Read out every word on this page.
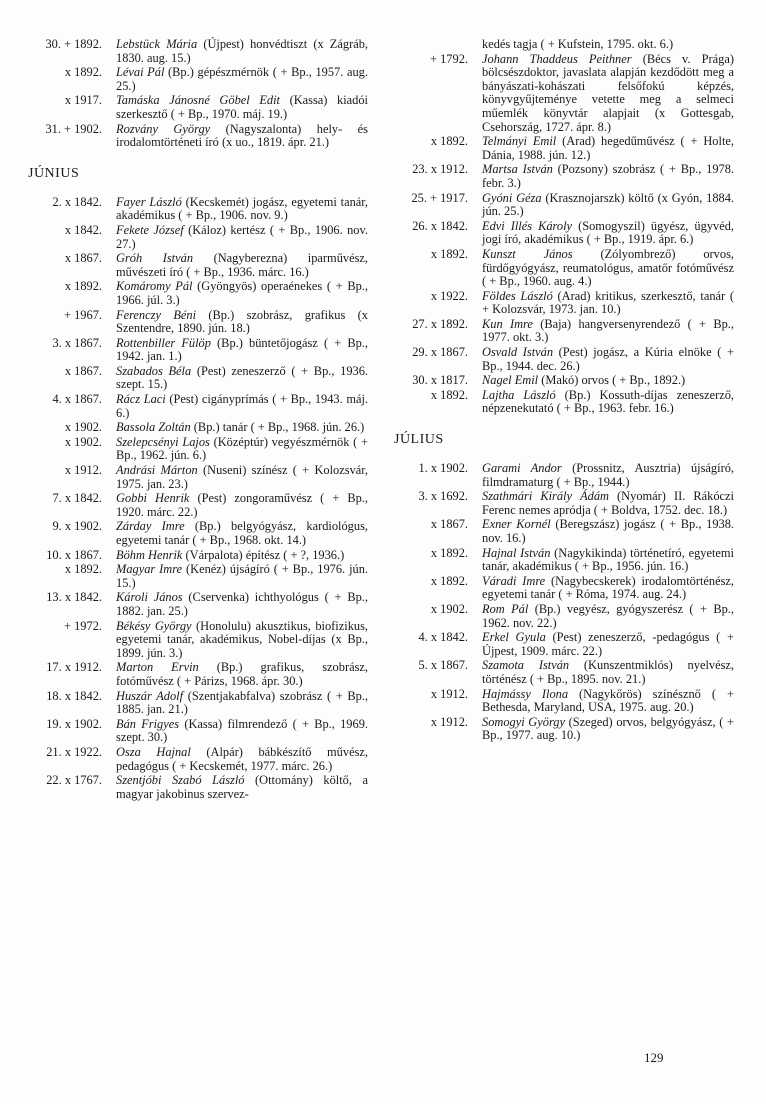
30. + 1892.	Lebstück Mária (Újpest) honvédtiszt (x Zágráb, 1830. aug. 15.)
x 1892.	Lévai Pál (Bp.) gépészmérnök ( + Bp., 1957. aug. 25.)
x 1917.	Tamáska Jánosné Göbel Edit (Kassa) kiadói szerkesztő ( + Bp., 1970. máj. 19.)
31. + 1902.	Rozvány György (Nagyszalonta) hely- és irodalomtörténeti író (x uo., 1819. ápr. 21.)
JÚNIUS
2. x 1842.	Fayer László (Kecskemét) jogász, egyetemi tanár, akadémikus ( + Bp., 1906. nov. 9.)
x 1842.	Fekete József (Káloz) kertész ( + Bp., 1906. nov. 27.)
x 1867.	Gróh István (Nagyberezna) iparművész, művészeti író ( + Bp., 1936. márc. 16.)
x 1892.	Komáromy Pál (Gyöngyös) operaénekes ( + Bp., 1966. júl. 3.)
+ 1967.	Ferenczy Béni (Bp.) szobrász, grafikus (x Szentendre, 1890. jún. 18.)
3. x 1867.	Rottenbiller Fülöp (Bp.) büntetőjogász ( + Bp., 1942. jan. 1.)
x 1867.	Szabados Béla (Pest) zeneszerző ( + Bp., 1936. szept. 15.)
4. x 1867.	Rácz Laci (Pest) cigányprímás ( + Bp., 1943. máj. 6.)
x 1902.	Bassola Zoltán (Bp.) tanár ( + Bp., 1968. jún. 26.)
x 1902.	Szelepcsényi Lajos (Középtúr) vegyészmérnök ( + Bp., 1962. jún. 6.)
x 1912.	Andrási Márton (Nuseni) színész ( + Kolozsvár, 1975. jan. 23.)
7. x 1842.	Gobbi Henrik (Pest) zongoraművész ( + Bp., 1920. márc. 22.)
9. x 1902.	Zárday Imre (Bp.) belgyógyász, kardiológus, egyetemi tanár ( + Bp., 1968. okt. 14.)
10. x 1867.	Böhm Henrik (Várpalota) építész ( + ?, 1936.)
x 1892.	Magyar Imre (Kenéz) újságíró ( + Bp., 1976. jún. 15.)
13. x 1842.	Károli János (Cservenka) ichthyológus ( + Bp., 1882. jan. 25.)
+ 1972.	Békésy György (Honolulu) akusztikus, biofizikus, egyetemi tanár, akadémikus, Nobel-díjas (x Bp., 1899. jún. 3.)
17. x 1912.	Marton Ervin (Bp.) grafikus, szobrász, fotóművész ( + Párizs, 1968. ápr. 30.)
18. x 1842.	Huszár Adolf (Szentjakabfalva) szobrász ( + Bp., 1885. jan. 21.)
19. x 1902.	Bán Frigyes (Kassa) filmrendező ( + Bp., 1969. szept. 30.)
21. x 1922.	Osza Hajnal (Alpár) bábkészítő művész, pedagógus ( + Kecskemét, 1977. márc. 26.)
22. x 1767.	Szentjóbi Szabó László (Ottomány) költő, a magyar jakobinus szervez-
kedés tagja ( + Kufstein, 1795. okt. 6.)
+ 1792.	Johann Thaddeus Peithner (Bécs v. Prága) bölcsészdoktor, javaslata alapján kezdődött meg a bányászati-kohászati felsőfokú képzés, könyvgyűjteménye vetette meg a selmeci műemlék könyvtár alapjait (x Gottesgab, Csehország, 1727. ápr. 8.)
x 1892.	Telmányi Emil (Arad) hegedűművész ( + Holte, Dánia, 1988. jún. 12.)
23. x 1912.	Martsa István (Pozsony) szobrász ( + Bp., 1978. febr. 3.)
25. + 1917.	Gyóni Géza (Krasznojarszk) költő (x Gyón, 1884. jún. 25.)
26. x 1842.	Edvi Illés Károly (Somogyszil) ügyész, ügyvéd, jogi író, akadémikus ( + Bp., 1919. ápr. 6.)
x 1892.	Kunszt János (Zólyombrező) orvos, fürdőgyógyász, reumatológus, amatőr fotóművész ( + Bp., 1960. aug. 4.)
x 1922.	Földes László (Arad) kritikus, szerkesztő, tanár ( + Kolozsvár, 1973. jan. 10.)
27. x 1892.	Kun Imre (Baja) hangversenyrendező ( + Bp., 1977. okt. 3.)
29. x 1867.	Osvald István (Pest) jogász, a Kúria elnöke ( + Bp., 1944. dec. 26.)
30. x 1817.	Nagel Emil (Makó) orvos ( + Bp., 1892.)
x 1892.	Lajtha László (Bp.) Kossuth-díjas zeneszerző, népzenekutató ( + Bp., 1963. febr. 16.)
JÚLIUS
1. x 1902.	Garami Andor (Prossnitz, Ausztria) újságíró, filmdramaturg ( + Bp., 1944.)
3. x 1692.	Szathmári Király Ádám (Nyomár) II. Rákóczi Ferenc nemes apródja ( + Boldva, 1752. dec. 18.)
x 1867.	Exner Kornél (Beregszász) jogász ( + Bp., 1938. nov. 16.)
x 1892.	Hajnal István (Nagykikinda) történetíró, egyetemi tanár, akadémikus ( + Bp., 1956. jún. 16.)
x 1892.	Váradi Imre (Nagybecskerek) irodalomtörténész, egyetemi tanár ( + Róma, 1974. aug. 24.)
x 1902.	Rom Pál (Bp.) vegyész, gyógyszerész ( + Bp., 1962. nov. 22.)
4. x 1842.	Erkel Gyula (Pest) zeneszerző, -pedagógus ( + Újpest, 1909. márc. 22.)
5. x 1867.	Szamota István (Kunszentmiklós) nyelvész, történész ( + Bp., 1895. nov. 21.)
x 1912.	Hajmássy Ilona (Nagykőrös) színésznő ( + Bethesda, Maryland, USA, 1975. aug. 20.)
x 1912.	Somogyi György (Szeged) orvos, belgyógyász, ( + Bp., 1977. aug. 10.)
129
